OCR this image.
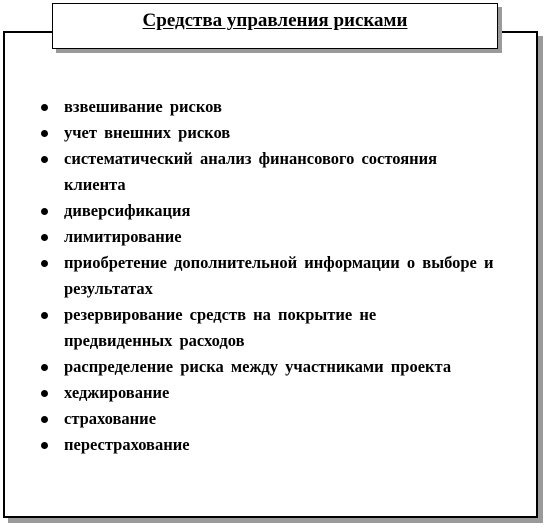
Средства управления рисками
взвешивание рисков
учет внешних рисков
систематический анализ финансового состояния клиента
диверсификация
лимитирование
приобретение дополнительной информации о выборе и результатах
резервирование средств на покрытие не предвиденных расходов
распределение риска между участниками проекта
хеджирование
страхование
перестрахование
